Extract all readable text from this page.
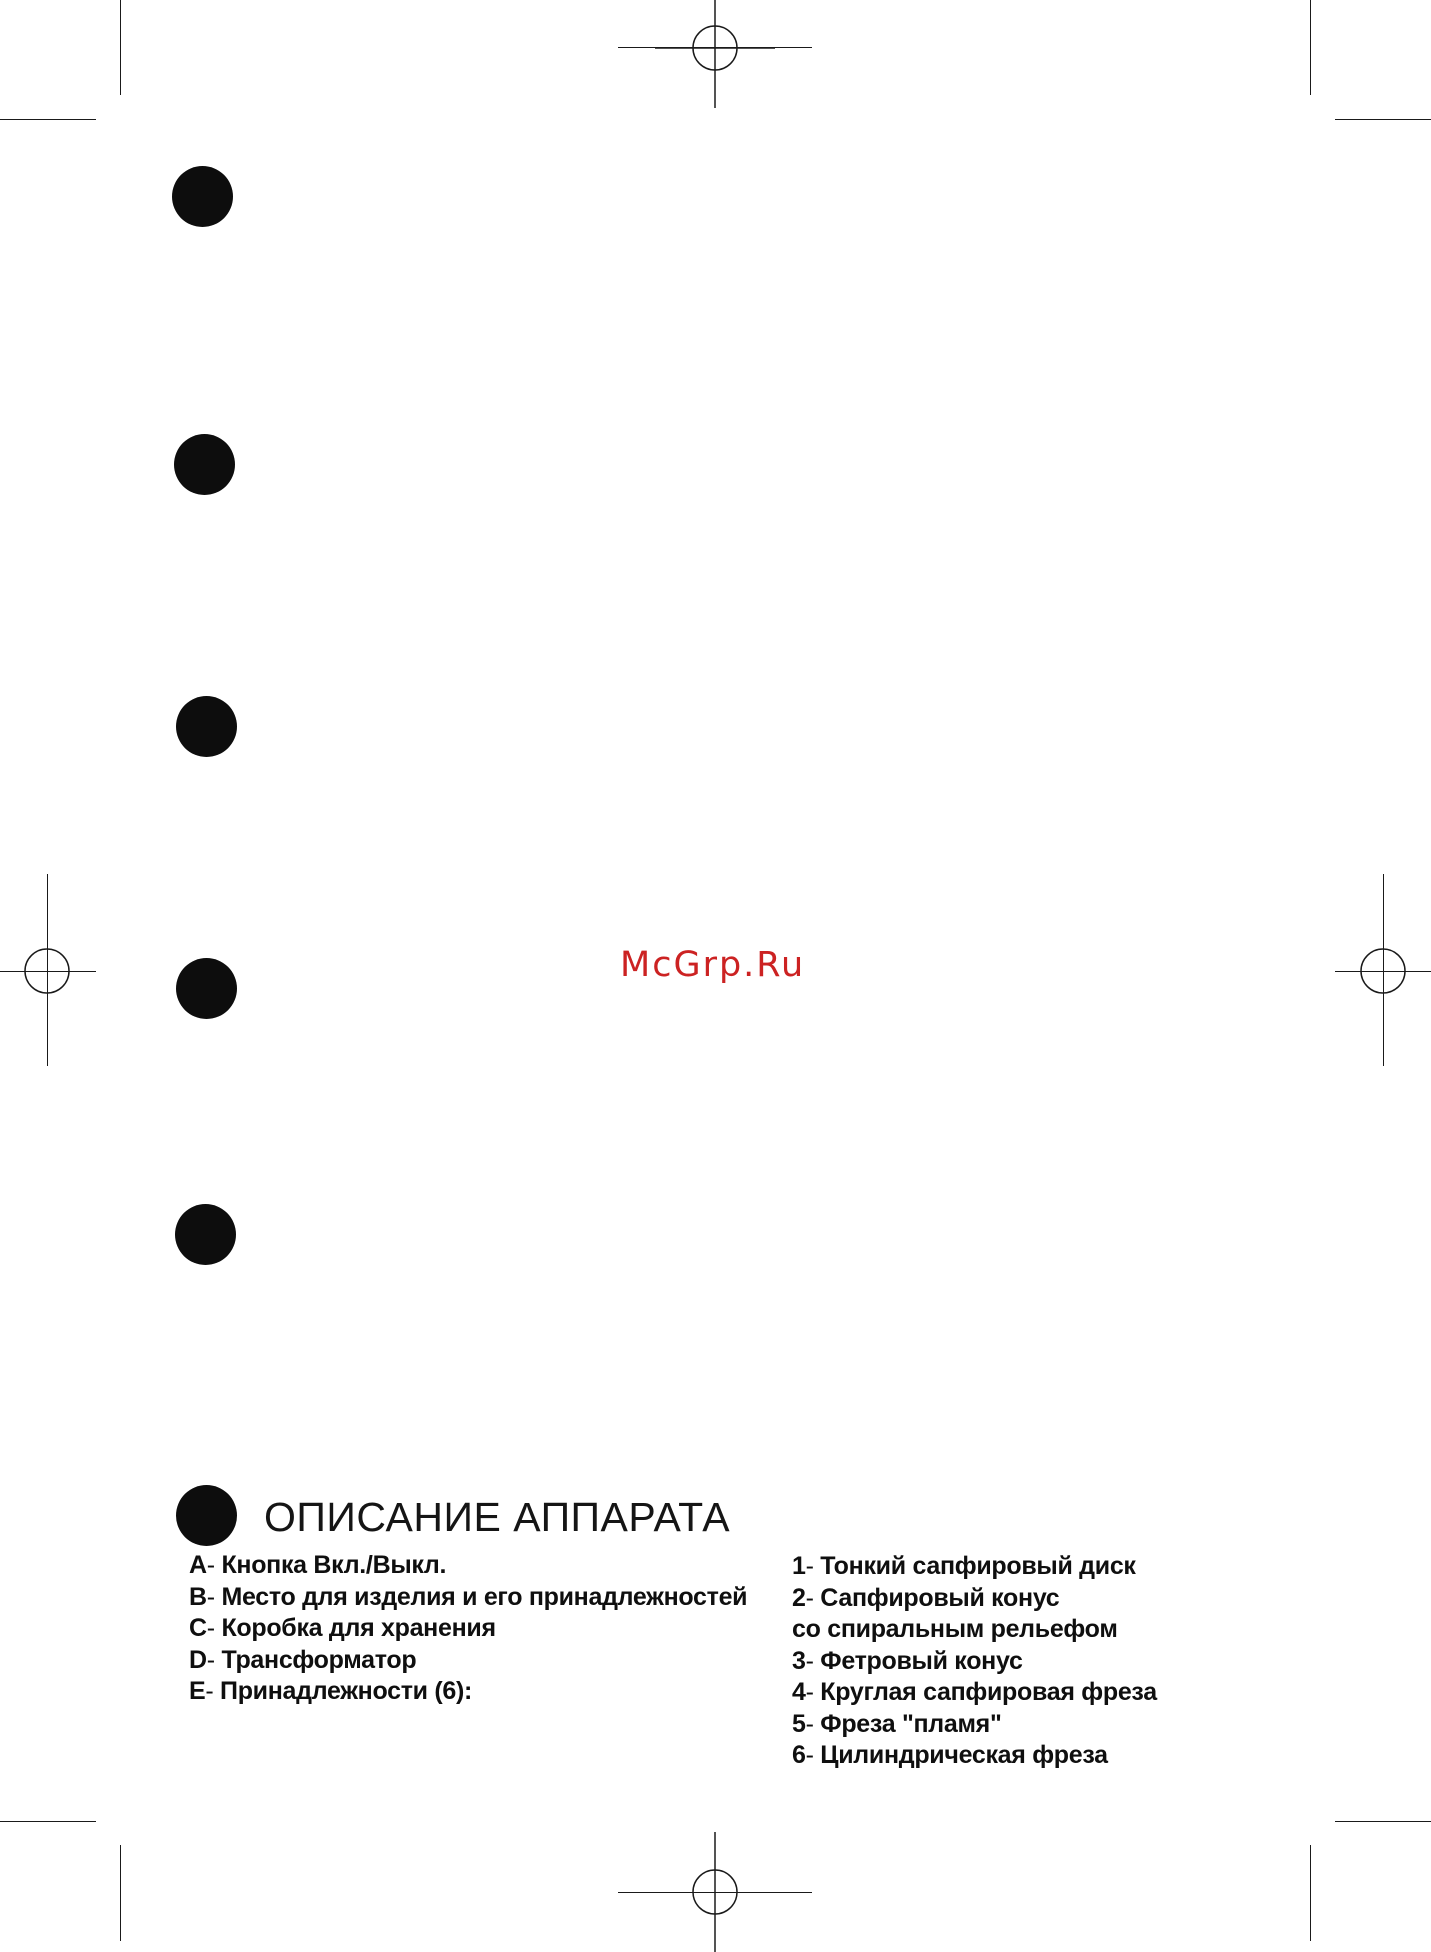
McGrp.Ru
ОПИСАНИЕ АППАРАТА
A- Кнопка Вкл./Выкл.
B- Место для изделия и его принадлежностей
C- Коробка для хранения
D- Трансформатор
E- Принадлежности (6):
1- Тонкий сапфировый диск
2- Сапфировый конус
со спиральным рельефом
3- Фетровый конус
4- Круглая сапфировая фреза
5- Фреза "пламя"
6- Цилиндрическая фреза
